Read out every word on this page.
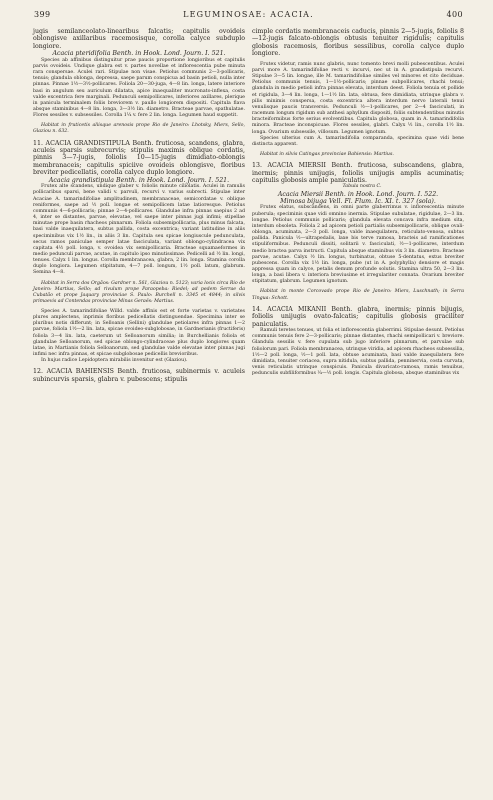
399	LEGUMINOSAE: ACACIA.	400

jugis semilanceolato-linearibus falcatis; capitulis ovoideis oblongisve axillaribus racemosisque, corolla calyce subduplo longiore.

Acacia pteridifolia Benth. in Hook. Lond. Journ. I. 521.

Species ab affinibus distinguitur prae paucis proportione longioribus et capitulis parvis ovoideis. Undique glabra est v. partes novellae et inflorescentia pube minuta rara conspersae. Aculei rari. Stipulae non visae. Petiolus communis 2—3-pollicaris, tenuis; glandula oblonga, depressa, saepe parum conspicua ad basin petioli, nulla inter pinnas. Pinnae 1½—3½-pollicares. Foliola 20—30-juga, 4—8 lin. longa, latere interiore basi in angulum seu auriculum dilatata, apice inaequaliter mucronato-inflexa, costa valde excentrica fere marginali. Pedunculi semipollicares, inferiores axillares, plerique in panicula terminalem foliis breviorem v. paullo longiorem dispositi. Capitula flava absque staminibus 4—8 lin. longa, 3—3½ lin. diametro. Bracteae parvae, spathulatae. Flores sessiles v. subsessiles. Corolla 1¼ v. fere 2 lin. longa. Legumen haud suppetit.

Habitat in fruticetis aliisque arenosis prope Rio de Janeiro: Lhotsky, Miers, Sello, Glaziou n. 632.

11. ACACIA GRANDISTIPULA Benth. fruticosa, scandens, glabra, aculeis sparsis subrecurvis; stipulis maximis oblique cordatis, pinnis 3—7-jugis, foliolis 10—15-jugis dimidiato-oblongis membranaceis; capitulis spiciive ovoideis oblongisve, floribus breviter pedicellatis, corolla calyce duplo longiore.

Acacia grandistipula Benth. in Hook. Lond. Journ. I. 521.

Frutex alte scandens, undique glaber v. foliolis minute ciliolatis. Aculei in ramulis pollicaribus sparsi, bene validi v. parvuli, recurvi v. varius subrecti. Stipulae inter Acaciae A. tamarindifoliae amplitudinem, membranaceae, semicordatae v. oblique reniformes, saepe ad ½ poll. longae et semipollicem latae latioresque. Petiolus communis 4—6-pollicaris; pinnae 2—4-pollicares. Glandulae infra pinnas saepius 2 ad 4, inter se distantes, parvae, elevatae, vel saepe inter pinnas jugi infimi; stipellae minutae prope basin rhacheos pinnarum. Foliola subsemipollicaria, plus minus falcata, basi valde inaequilatera, subtus pallida, costa excentrica; variant latitudine in aliis speciminibus vix 1½ lin., in aliis 3 lin. Capitula seu spicae longiuscule pedunculata, secus ramos paniculae semper latae fasciculata, variant oblongo-cylindracea vix capitata 4½ poll. longa, v. ovoidea vix semipollicaria. Bracteae squamaeformes in medio pedunculi parvae, acutae, in capitulo ipso minutissimae. Pedicelli ad ½ lin. longi, tenues. Calyx 1 lin. longus. Corolla membranacea, glabra, 2 lin. longa. Stamina corolla duplo longiora. Legumen stipitatum, 4—7 poll. longum, 1½ poll. latum, glabrum. Semina 4—8.

Habitat in Serra dos Orgãos: Gardner n. 561, Glaziou n. 5123; varia locis circa Rio de Janeiro: Martius, Sello; ad rivulum prope Paraopeba: Riedel; ad pedem Serrae da Cubatão et prope Jaquary provinciae S. Paulo: Burchell n. 3345 et 4844; in silvis primaevis ad Contendas provinciae Minas Geraës: Martius.

Species A. tamarindifoliae Willd. valde affinis est et forte varietas v. varietates plures amplectens, inprimis floribus pedicellatis distinguendae. Specimina inter se pluribus notis differunt; in Selloanis (Sellini) glandulae petiolares infra pinnas 1—2 parvae, foliola 1½—2 lin. lata, spicae ovoideo-subglobosae, in Gardnerianis (fructiferis) foliola 3—4 lin. lata, caeterum ut Selloanorum similia; in Burchellianis foliola et glandulae Selloanorum, sed spicae oblongo-cylindraceae plus duplo longiores quam latae, in Martianis foliola Selloanorum, sed glandulae valde elevatae inter pinnas jugi infimi nec infra pinnas, et spicae subglobosae pedicellis brevioribus.

In hujus radice Lepidoptera mirabilis invenitur est (Glaziou).

12. ACACIA BAHIENSIS Benth. fruticosa, subinermis v. aculeis subincurvis sparsis, glabra v. pubescens; stipulis

cimple cordatis membranaceis caducis, pinnis 2—5-jugis, foliolis 8—12-jugis falcato-oblongis obtusis tenuiter rigidulis; capitulis globosis racemosis, floribus sessilibus, corolla calyce duplo longiore.

Frutex videtur, ramis nunc glabris, nunc tomento brevi molli pubescentibus. Aculei parvi more A. tamarindifoliae recti v. incurvi, nec ut in A. grandistipula recurvi. Stipulae 3—5 lin. longae, ille M. tamarindifoliae similes vel minores et cito deciduae. Petiolus communis tenuis, 1—1½-pollicaris; pinnae subpollicares, rhachi tenui; glandula in medio petioli infra pinnas elevata, interdum deest. Foliola tenuia et pollide et rigidula, 3—4 lin. longa, 1—1½ lin. lata, obtusa, fere dimidiata, utrinque glabra v. pilis minimis conspersa, costa excentrica altera interdum nervo laterali tenui venulisque paucis transversis. Pedunculi ½—1-pollicares, per 2—4 fasciculati, in racemum longum rigidum sub anthesi aphyllum dispositi, foliis subtendentibus minutis bracteiformibus forte serius evolventibus. Capitula globosa, quam in A. tamarindifolia minora. Bracteae inconspicuae. Flores sessiles, glabri. Calyx ½ lin., corolla 1½ lin. longa. Ovarium subsessile, villosum. Legumen ignotum.

Species ulterius cum A. tamarindifolia comparanda, specimina quae vidi bene distincta apparent.

Habitat in silvis Catingas provinciae Bahiensis: Martius.

13. ACACIA MIERSII Benth. fruticosa, subscandens, glabra, inermis; pinnis unijugis, foliolis unijugis amplis acuminatis; capitulis globosis ample paniculatis.

Tabula nostra C.

Acacia Miersii Benth. in Hook. Lond. Journ. I. 522.

Mimosa bijuga Vell. Fl. Flum. Ic. XI. t. 327 (sola).

Frutex elatus, subscandens, in omni parte glaberrimus v. inflorescentia minute puberula; speciminis quae vidi omnino inermia. Stipulae subulatae, rigidulae, 2—3 lin. longae. Petiolus communis pollicaris; glandula elevata concava infra medium sita, interdum obsoleta. Foliola 2 ad apicem petioli partialis subsemipollicaris, oblique ovali-oblonga, acuminata, 2—3 poll. longa, valde inaequilatera, reticulato-venosa, subtus pallida. Panicula ½—ultrapedalis, laxe bis terve ramosa, bracteis ad ramificationes stipuliformibus. Pedunculi dissiti, solitarii v. fasciculati, ½—1-pollicares, interdum medio bractea parva instructi. Capitula absque staminibus vix 3 lin. diametro. Bracteae parvae, acutae. Calyx ½ lin. longus, turbinatus, obtuse 5-dentatus, extus breviter pubescens. Corolla vix 1½ lin. longa, pube (ut in A. polyphylla) densiore et magis appressa quam in calyce, petalis demum profunde solutis. Stamina ultra 50, 2—3 lin. longa, a basi libera v. interiora breviusime et irregulariter connata. Ovarium breviter stipitatum, glabrum. Legumen ignotum.

Habitat in monte Corcovado prope Rio de Janeiro: Miers, Luschnath; in Serra Tingua: Schott.

14. ACACIA MIKANII Benth. glabra, inermis; pinnis bijugis, foliolis unijugis ovato-falcatis; capitulis globosis graciliter paniculatis.

Ramuli teretes tenues, ut folia et inflorescentia glaberrimi. Stipulae desunt. Petiolus communis tenuis fere 2—3-pollicaris; pinnae distantes, rhachi semipollicari v. breviore. Glandula sessilis v. fere cupulata sub jugo inferiore pinnarum, et parvulae sub foliolorum pari. Foliola membranacea, utrinque viridia, ad apicem rhacheos subsessilia, 1½—2 poll. longa, ½—1 poll. lata, obtuse acuminata, basi valde inaequilatera fere dimidiata, tenuiter coriacea, supra nitidula, subtus pallida, penninervia, costa curvata, venis reticulatis utrinque conspicuis. Panicula divaricato-ramosa, ramis tenuibus, pedunculis subfiliformibus ¼—½ poll. longis. Capitula globosa, absque staminibus vix
